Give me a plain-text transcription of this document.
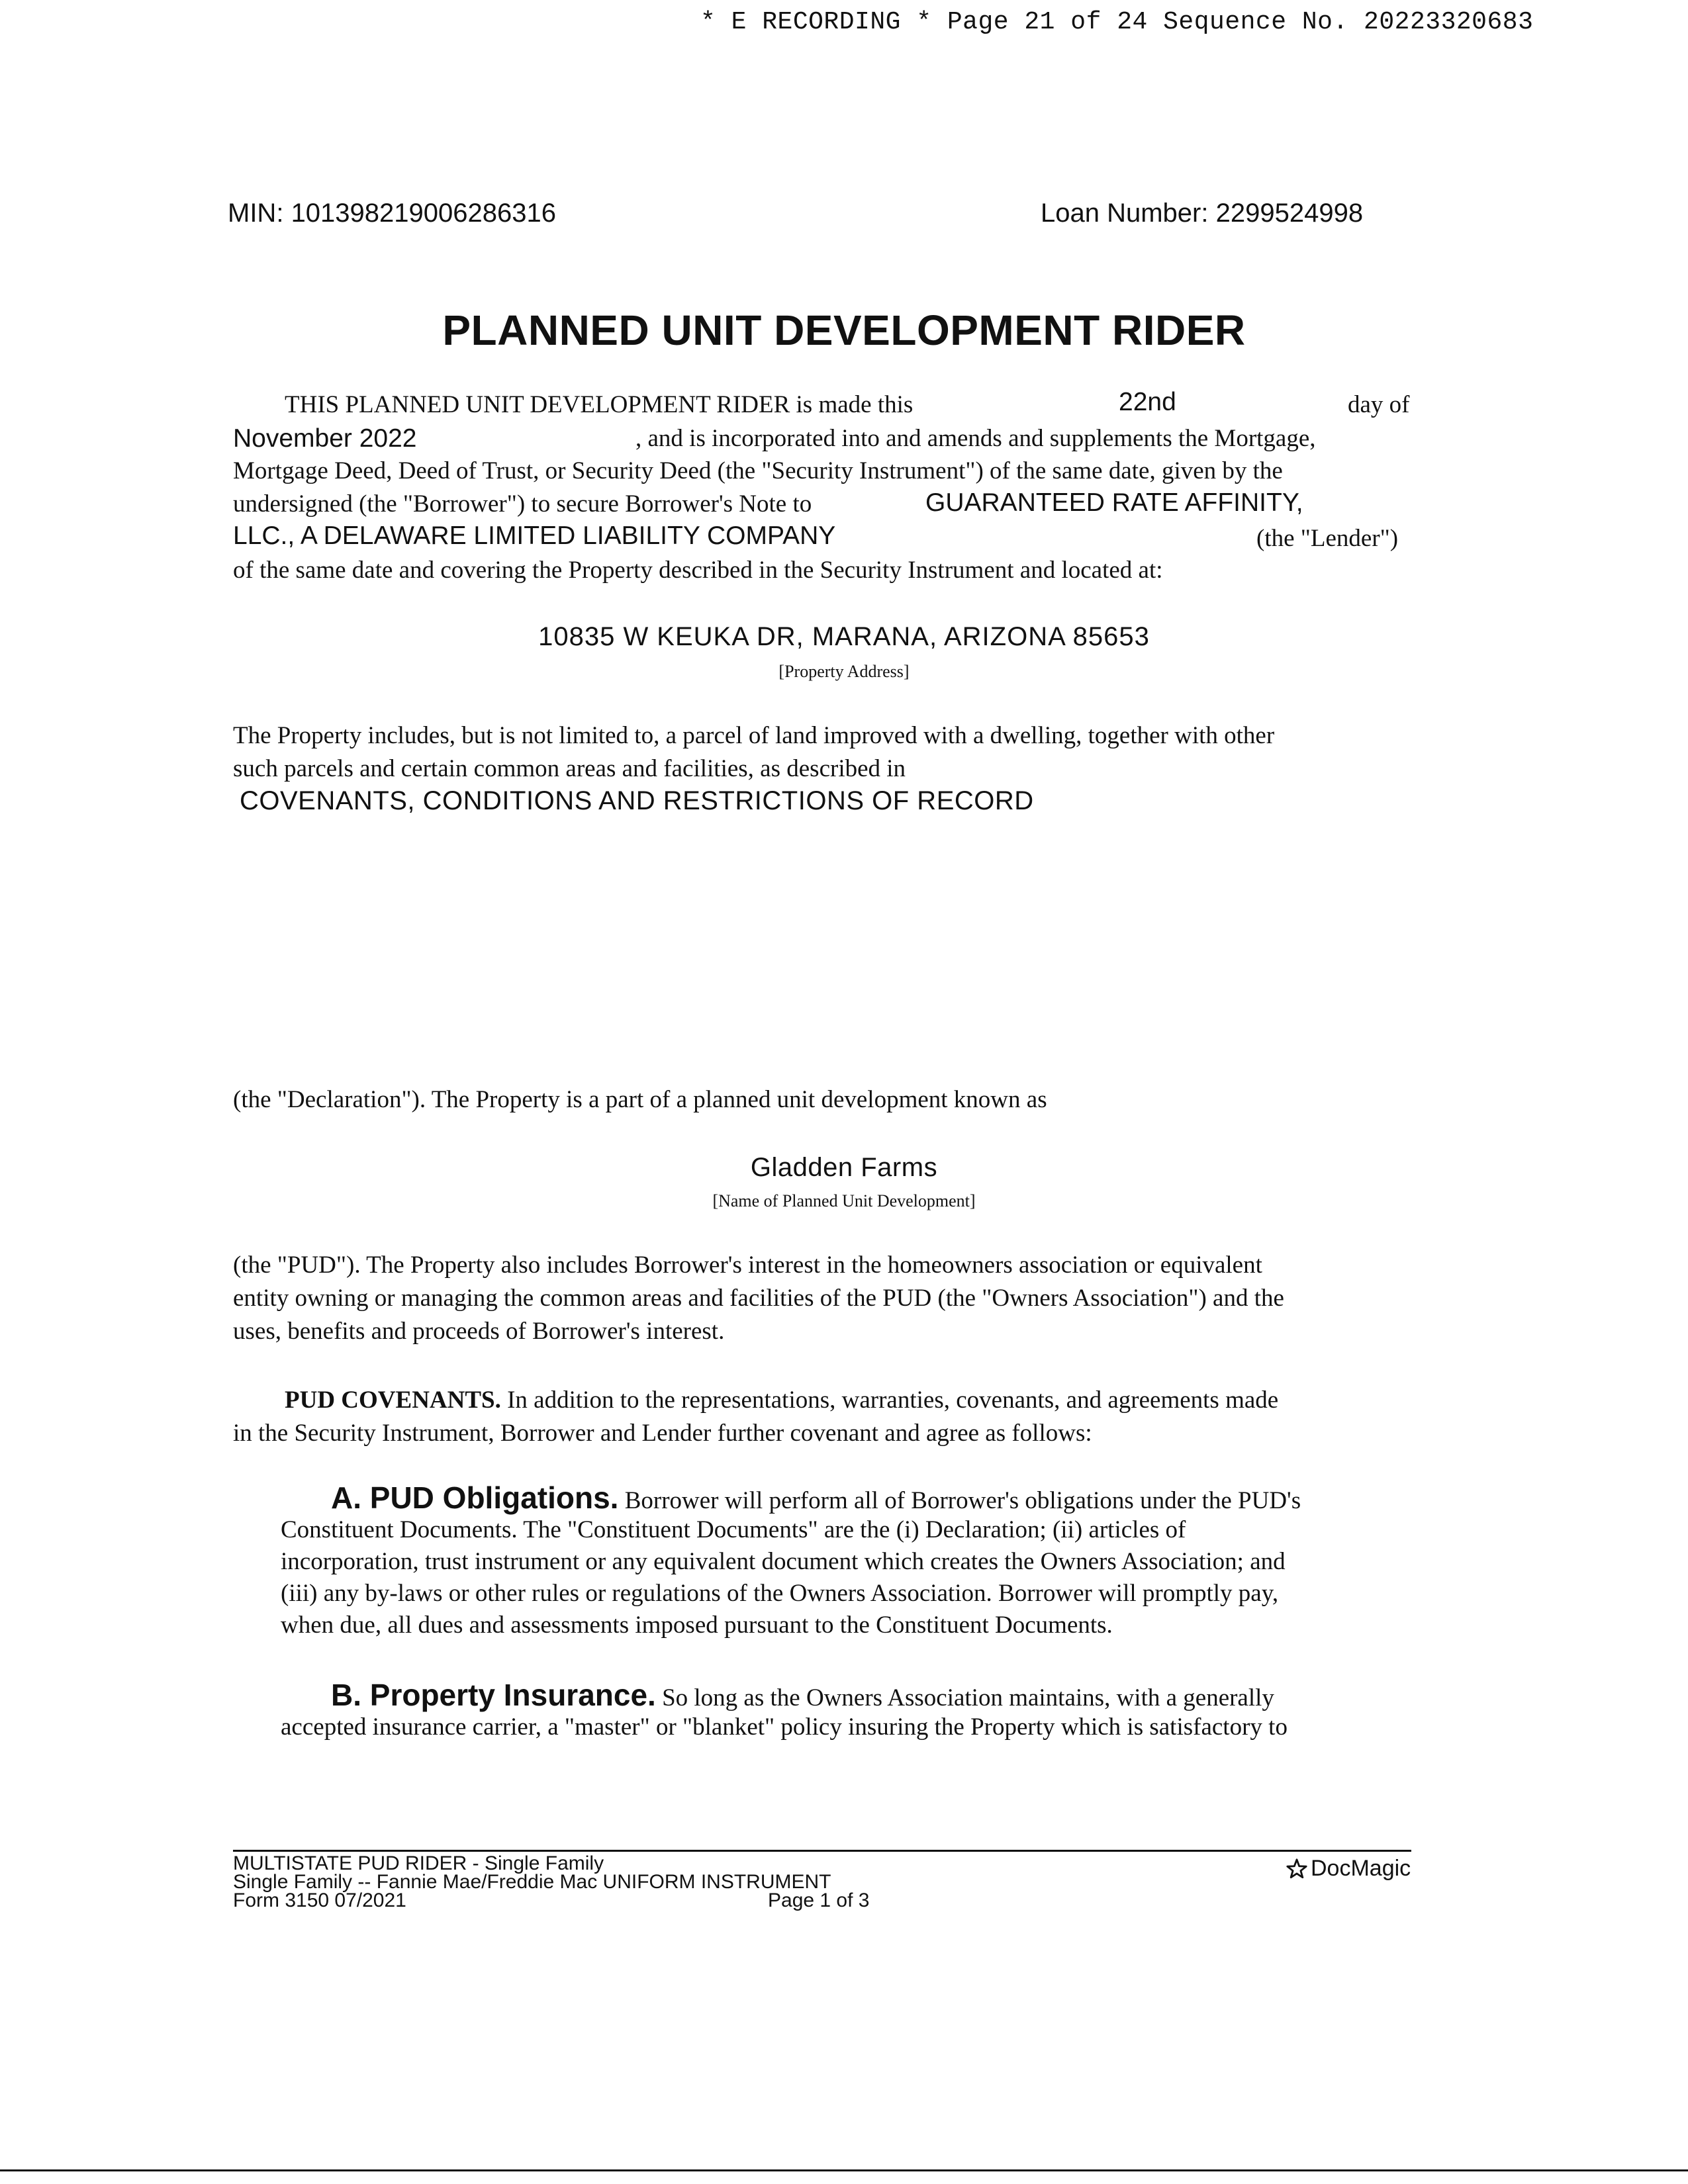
* E RECORDING * Page 21 of 24 Sequence No. 20223320683
MIN: 101398219006286316	Loan Number: 2299524998
PLANNED UNIT DEVELOPMENT RIDER
THIS PLANNED UNIT DEVELOPMENT RIDER is made this	22nd	day of
November 2022	, and is incorporated into and amends and supplements the Mortgage,
Mortgage Deed, Deed of Trust, or Security Deed (the "Security Instrument") of the same date, given by the
undersigned (the "Borrower") to secure Borrower's Note to	GUARANTEED RATE AFFINITY,
LLC., A DELAWARE LIMITED LIABILITY COMPANY	(the "Lender")
of the same date and covering the Property described in the Security Instrument and located at:
10835 W KEUKA DR, MARANA, ARIZONA 85653
[Property Address]
The Property includes, but is not limited to, a parcel of land improved with a dwelling, together with other
such parcels and certain common areas and facilities, as described in
COVENANTS, CONDITIONS AND RESTRICTIONS OF RECORD
(the "Declaration"). The Property is a part of a planned unit development known as
Gladden Farms
[Name of Planned Unit Development]
(the "PUD"). The Property also includes Borrower's interest in the homeowners association or equivalent
entity owning or managing the common areas and facilities of the PUD (the "Owners Association") and the
uses, benefits and proceeds of Borrower's interest.
PUD COVENANTS. In addition to the representations, warranties, covenants, and agreements made
in the Security Instrument, Borrower and Lender further covenant and agree as follows:
A. PUD Obligations. Borrower will perform all of Borrower's obligations under the PUD's
Constituent Documents. The "Constituent Documents" are the (i) Declaration; (ii) articles of
incorporation, trust instrument or any equivalent document which creates the Owners Association; and
(iii) any by-laws or other rules or regulations of the Owners Association. Borrower will promptly pay,
when due, all dues and assessments imposed pursuant to the Constituent Documents.
B. Property Insurance. So long as the Owners Association maintains, with a generally
accepted insurance carrier, a "master" or "blanket" policy insuring the Property which is satisfactory to
MULTISTATE PUD RIDER - Single Family
Single Family -- Fannie Mae/Freddie Mac UNIFORM INSTRUMENT
Form 3150 07/2021	Page 1 of 3
DocMagic
